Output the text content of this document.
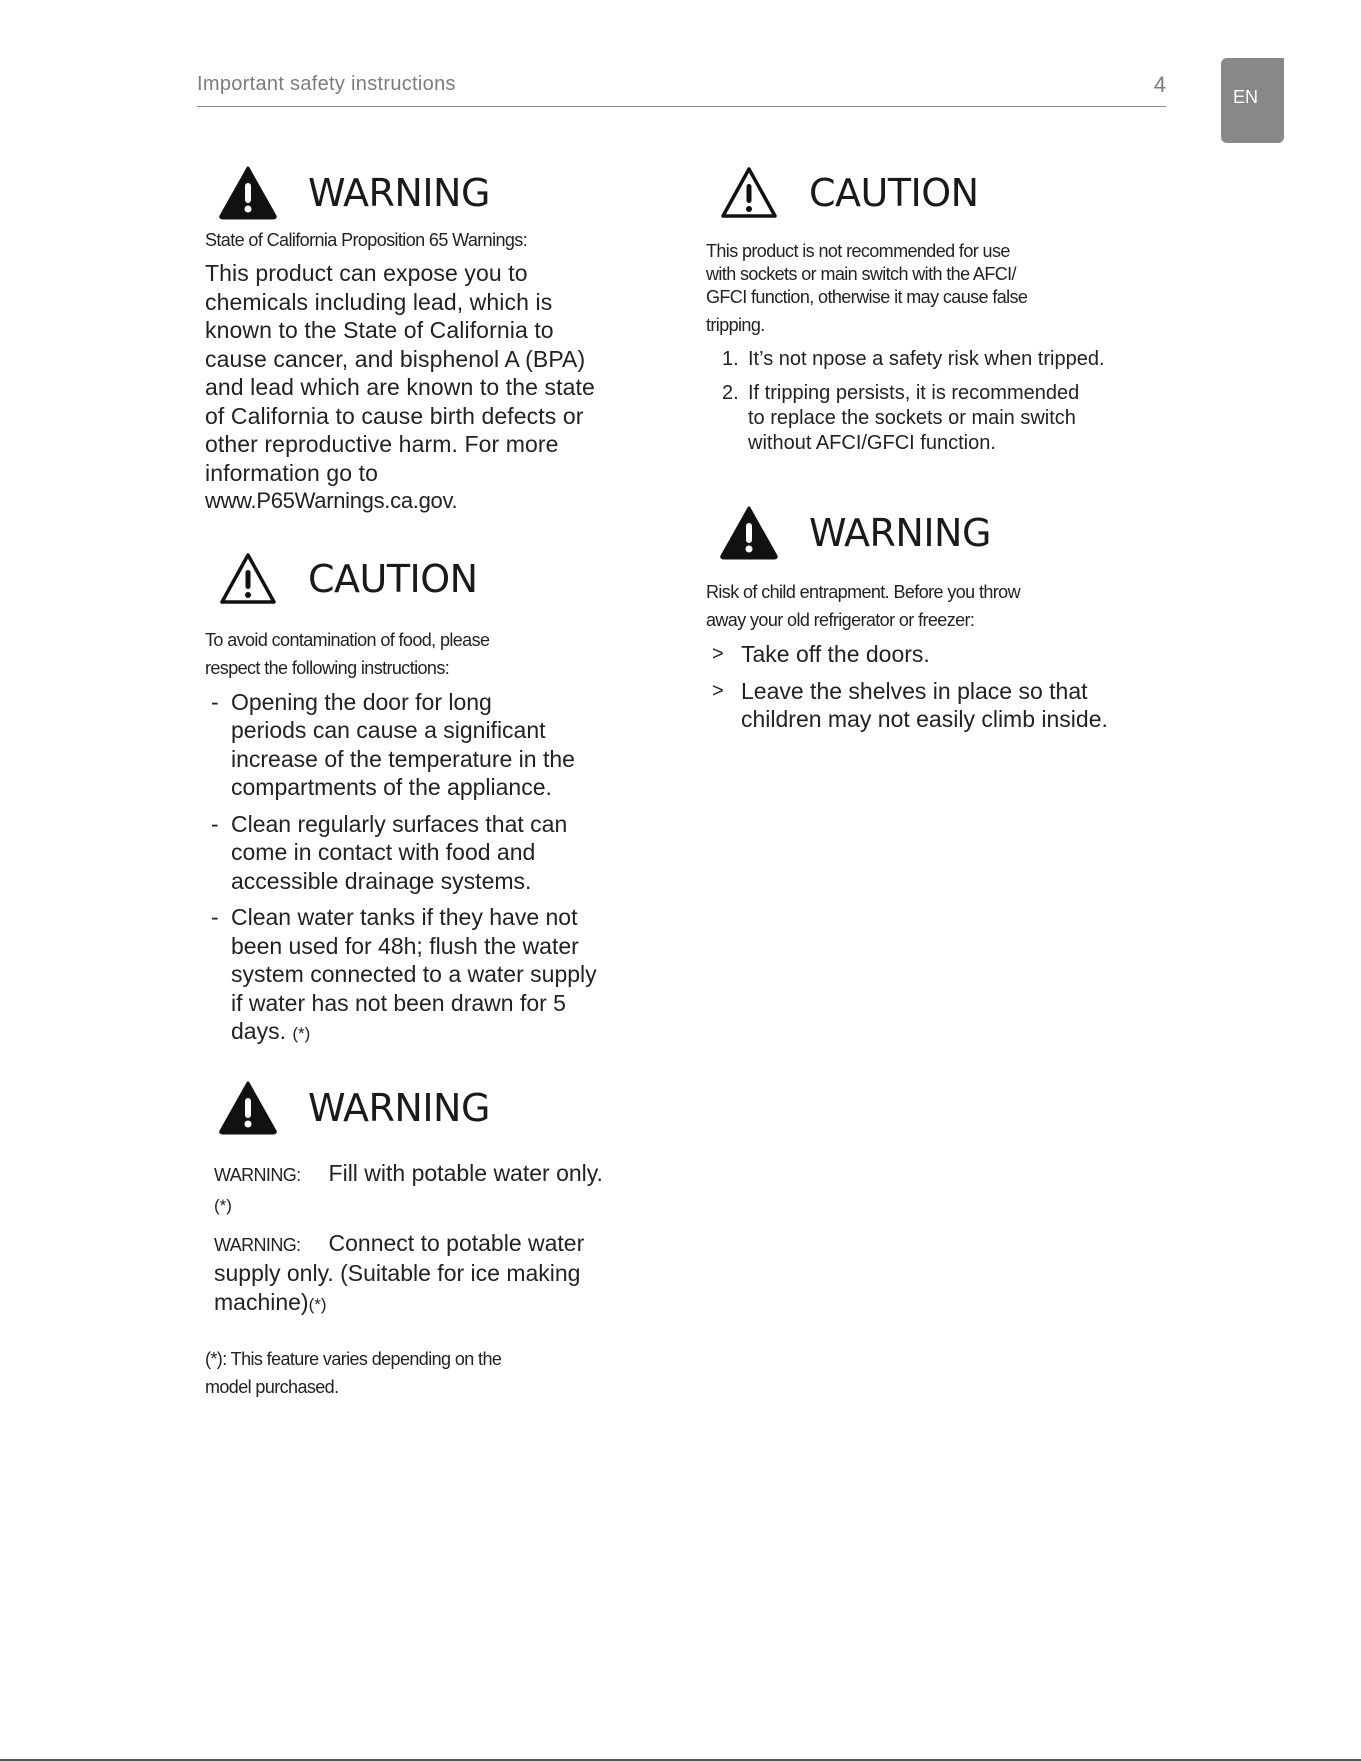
Important safety instructions	4	EN
WARNING
State of California Proposition 65 Warnings:
This product can expose you to
chemicals including lead, which is
known to the State of California to
cause cancer, and bisphenol A (BPA)
and lead which are known to the state
of California to cause birth defects or
other reproductive harm. For more
information go to
www.P65Warnings.ca.gov.
CAUTION
To avoid contamination of food, please
respect the following instructions:
- Opening the door for long
periods can cause a significant
increase of the temperature in the
compartments of the appliance.
- Clean regularly surfaces that can
come in contact with food and
accessible drainage systems.
- Clean water tanks if they have not
been used for 48h; flush the water
system connected to a water supply
if water has not been drawn for 5
days. (*)
WARNING
WARNING: Fill with potable water only.
(*)
WARNING: Connect to potable water
supply only. (Suitable for ice making
machine)(*)
(*): This feature varies depending on the
model purchased.
CAUTION
This product is not recommended for use
with sockets or main switch with the AFCI/
GFCI function, otherwise it may cause false
tripping.
1. It’s not npose a safety risk when tripped.
2. If tripping persists, it is recommended
to replace the sockets or main switch
without AFCI/GFCI function.
WARNING
Risk of child entrapment. Before you throw
away your old refrigerator or freezer:
> Take off the doors.
> Leave the shelves in place so that
children may not easily climb inside.
